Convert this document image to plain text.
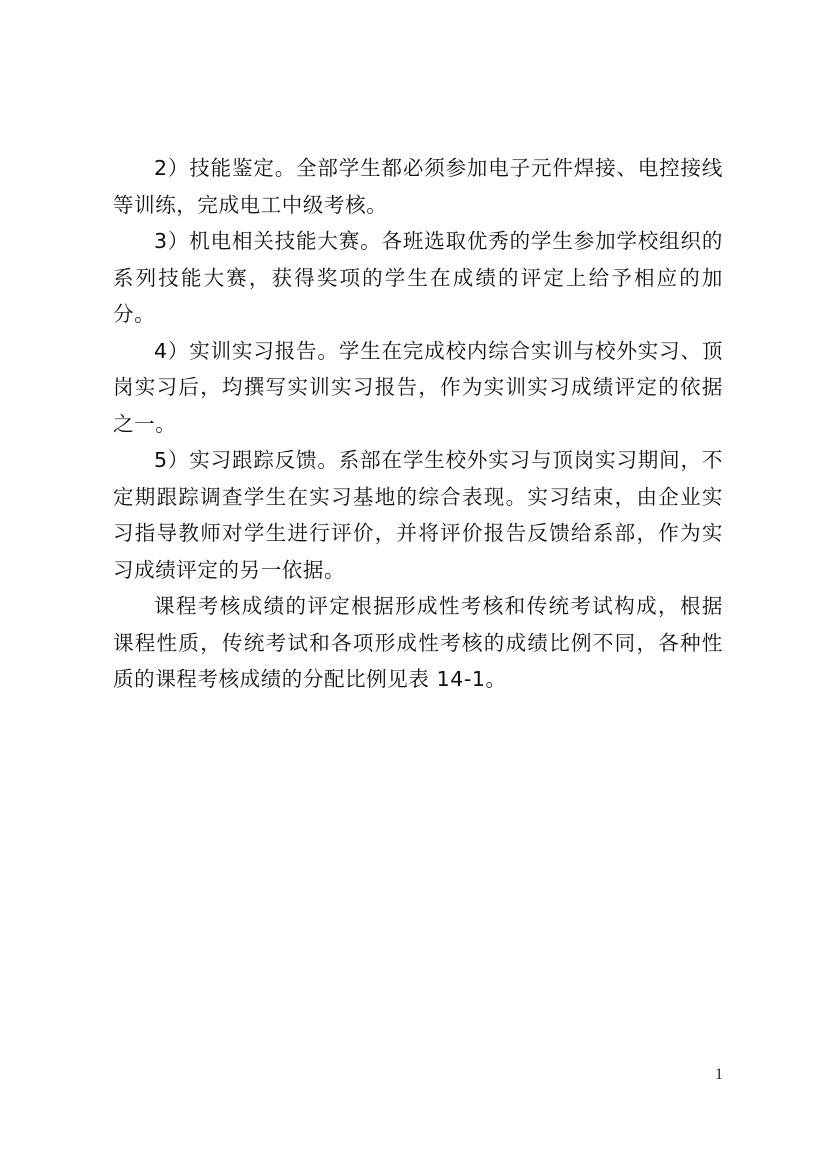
2）技能鉴定。全部学生都必须参加电子元件焊接、电控接线等训练，完成电工中级考核。

3）机电相关技能大赛。各班选取优秀的学生参加学校组织的系列技能大赛，获得奖项的学生在成绩的评定上给予相应的加分。

4）实训实习报告。学生在完成校内综合实训与校外实习、顶岗实习后，均撰写实训实习报告，作为实训实习成绩评定的依据之一。

5）实习跟踪反馈。系部在学生校外实习与顶岗实习期间，不定期跟踪调查学生在实习基地的综合表现。实习结束，由企业实习指导教师对学生进行评价，并将评价报告反馈给系部，作为实习成绩评定的另一依据。

课程考核成绩的评定根据形成性考核和传统考试构成，根据课程性质，传统考试和各项形成性考核的成绩比例不同，各种性质的课程考核成绩的分配比例见表 14-1。

1
